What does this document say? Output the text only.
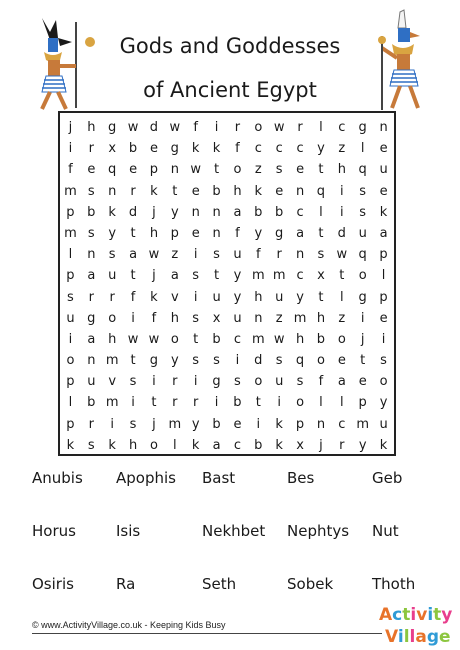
Gods and Goddesses
of Ancient Egypt
j	h g w d w	f	i	r	o w r	l	c	g n
i	r	x b e g k	k	f	c	c	c	y	z	l	e
f	e q e p n w	t	o	z	s	e	t	h q u
m s	n	r	k	t	e b h k	e n q	i	s	e
p b k d	j	y n n a b b	c	l	i	s	k
m s	y	t	h p e n	f	y g a	t	d u a
l	n	s	a w z	i	s	u	f	r	n	s w q p
p a u	t	j	a	s	t	y m m c	x	t	o	l
s	r	r	f	k	v	i	u y h u y	t	l	g p
u g o	i	f	h	s	x u n	z m h	z	i	e
i	a h w w o	t	b	c m w h b o	j	i
o n m t	g y	s	s	i	d	s	q o e	t	s
p u v	s	i	r	i	g	s	o u	s	f	a e o
l	b m i	t	r	r	i	b	t	i	o	l	l	p y
p	r	i	s	j m y b e	i	k p n	c m u
k	s	k h o	l	k	a	c	b k	x	j	r	y	k
Anubis Apophis Bast	Bes	Geb
Horus	Isis	Nekhbet Nephtys Nut
Osiris	Ra	Seth	Sobek	Thoth
© www.ActivityVillage.co.uk - Keeping Kids Busy	Activity
Village
